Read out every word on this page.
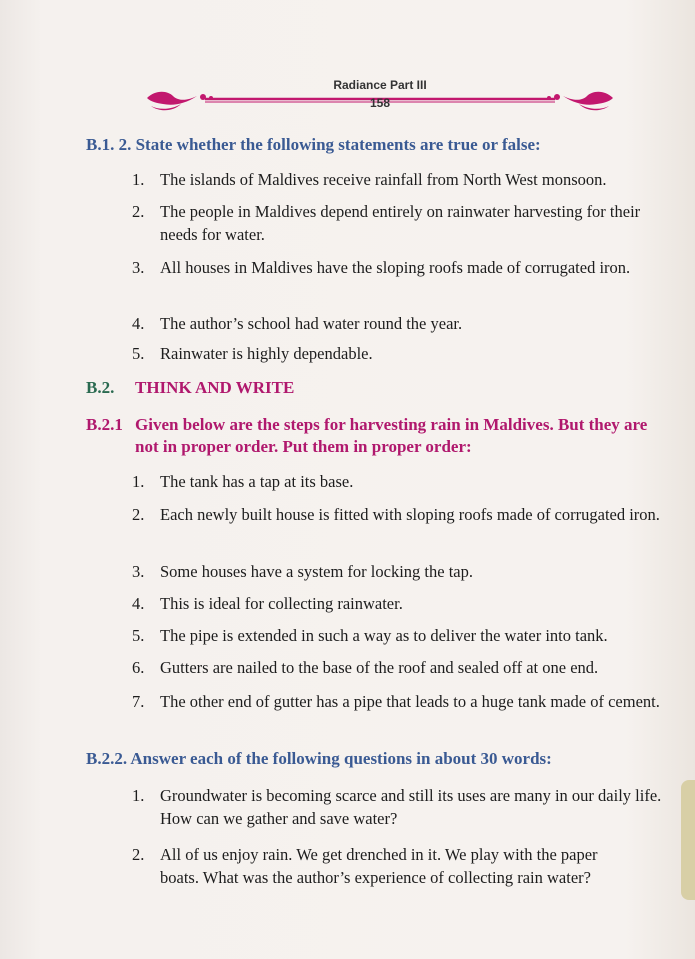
Radiance Part III
158
B.1. 2. State whether the following statements are true or false:
1. The islands of Maldives receive rainfall from North West monsoon.
2. The people in Maldives depend entirely on rainwater harvesting for their needs for water.
3. All houses in Maldives have the sloping roofs made of corrugated iron.
4. The author’s school had water round the year.
5. Rainwater is highly dependable.
B.2. THINK AND WRITE
B.2.1 Given below are the steps for harvesting rain in Maldives. But they are not in proper order. Put them in proper order:
1. The tank has a tap at its base.
2. Each newly built house is fitted with sloping roofs made of corrugated iron.
3. Some houses have a system for locking the tap.
4. This is ideal for collecting rainwater.
5. The pipe is extended in such a way as to deliver the water into tank.
6. Gutters are nailed to the base of the roof and sealed off at one end.
7. The other end of gutter has a pipe that leads to a huge tank made of cement.
B.2.2. Answer each of the following questions in about 30 words:
1. Groundwater is becoming scarce and still its uses are many in our daily life. How can we gather and save water?
2. All of us enjoy rain. We get drenched in it. We play with the paper boats. What was the author’s experience of collecting rain water?
